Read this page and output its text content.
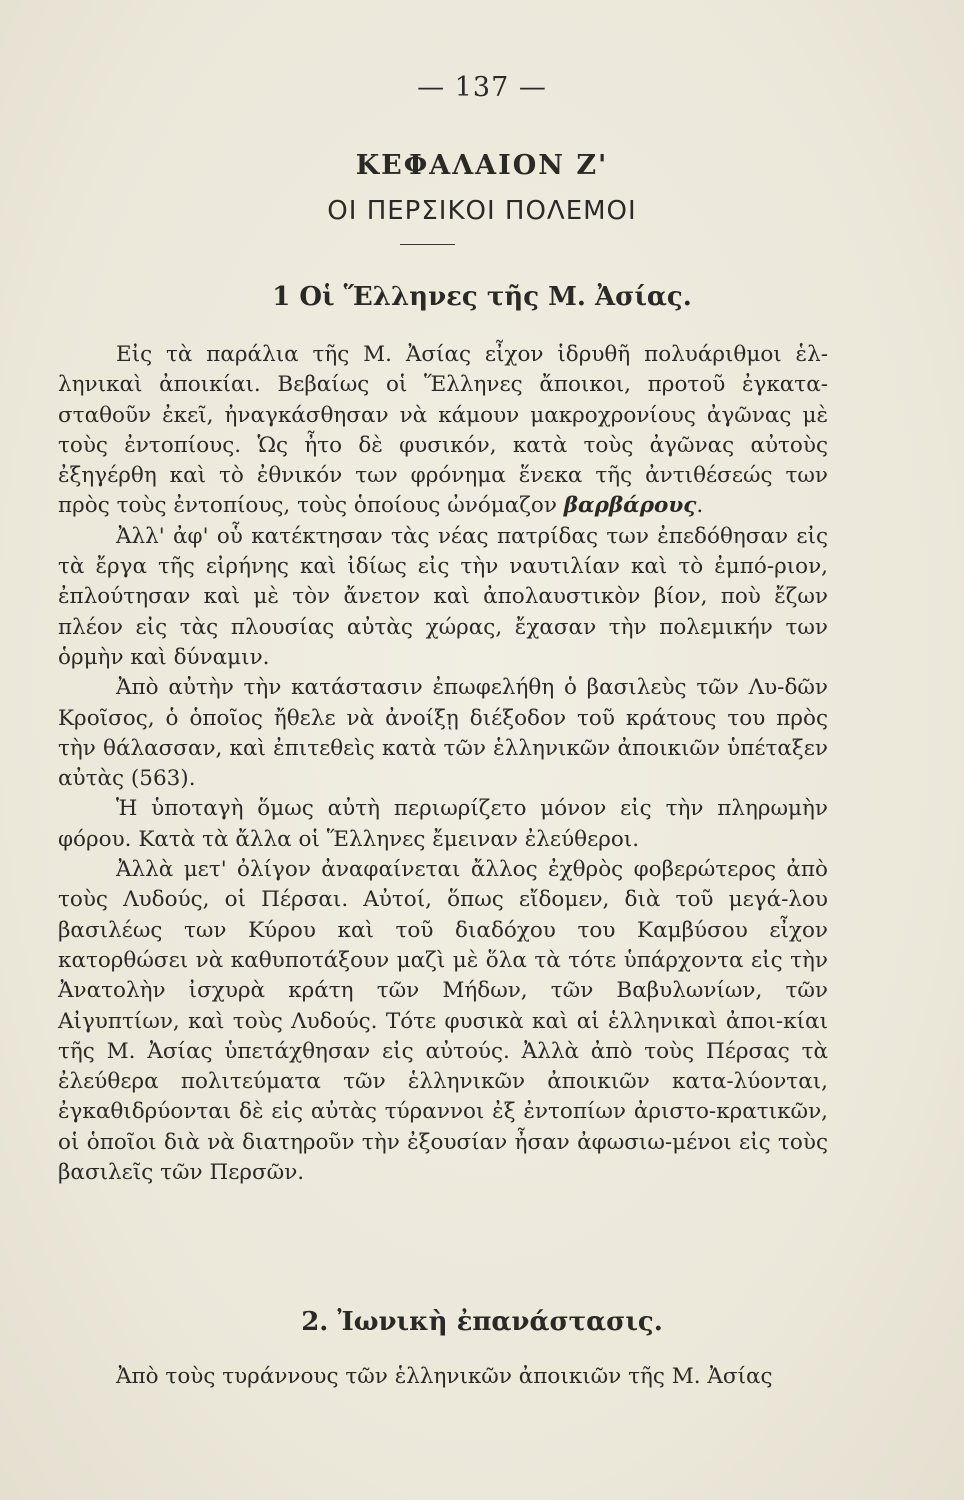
— 137 —
ΚΕΦΑΛΑΙΟΝ Ζ'
ΟΙ ΠΕΡΣΙΚΟΙ ΠΟΛΕΜΟΙ
1 Οἱ Ἕλληνες τῆς Μ. Ἀσίας.

Εἰς τὰ παράλια τῆς Μ. Ἀσίας εἶχον ἱδρυθῆ πολυάριθμοι ἑλ-ληνικαὶ ἀποικίαι. Βεβαίως οἱ Ἕλληνες ἄποικοι, προτοῦ ἐγκατα-σταθοῦν ἐκεῖ, ἠναγκάσθησαν νὰ κάμουν μακροχρονίους ἀγῶνας μὲ τοὺς ἐντοπίους. Ὡς ἦτο δὲ φυσικόν, κατὰ τοὺς ἀγῶνας αὐτοὺς ἐξηγέρθη καὶ τὸ ἐθνικόν των φρόνημα ἕνεκα τῆς ἀντιθέσεώς των πρὸς τοὺς ἐντοπίους, τοὺς ὁποίους ὠνόμαζον βαρβάρους.

Ἀλλ' ἀφ' οὗ κατέκτησαν τὰς νέας πατρίδας των ἐπεδόθησαν εἰς τὰ ἔργα τῆς εἰρήνης καὶ ἰδίως εἰς τὴν ναυτιλίαν καὶ τὸ ἐμπό-ριον, ἐπλούτησαν καὶ μὲ τὸν ἄνετον καὶ ἀπολαυστικὸν βίον, ποὺ ἔζων πλέον εἰς τὰς πλουσίας αὐτὰς χώρας, ἔχασαν τὴν πολεμικήν των ὁρμὴν καὶ δύναμιν.

Ἀπὸ αὐτὴν τὴν κατάστασιν ἐπωφελήθη ὁ βασιλεὺς τῶν Λυ-δῶν Κροῖσος, ὁ ὁποῖος ἤθελε νὰ ἀνοίξῃ διέξοδον τοῦ κράτους του πρὸς τὴν θάλασσαν, καὶ ἐπιτεθεὶς κατὰ τῶν ἑλληνικῶν ἀποικιῶν ὑπέταξεν αὐτὰς (563).

Ἡ ὑποταγὴ ὅμως αὐτὴ περιωρίζετο μόνον εἰς τὴν πληρωμὴν φόρου. Κατὰ τὰ ἄλλα οἱ Ἕλληνες ἔμειναν ἐλεύθεροι.

Ἀλλὰ μετ' ὀλίγον ἀναφαίνεται ἄλλος ἐχθρὸς φοβερώτερος ἀπὸ τοὺς Λυδούς, οἱ Πέρσαι. Αὐτοί, ὅπως εἴδομεν, διὰ τοῦ μεγά-λου βασιλέως των Κύρου καὶ τοῦ διαδόχου του Καμβύσου εἶχον κατορθώσει νὰ καθυποτάξουν μαζὶ μὲ ὅλα τὰ τότε ὑπάρχοντα εἰς τὴν Ἀνατολὴν ἰσχυρὰ κράτη τῶν Μήδων, τῶν Βαβυλωνίων, τῶν Αἰγυπτίων, καὶ τοὺς Λυδούς. Τότε φυσικὰ καὶ αἱ ἑλληνικαὶ ἀποι-κίαι τῆς Μ. Ἀσίας ὑπετάχθησαν εἰς αὐτούς. Ἀλλὰ ἀπὸ τοὺς Πέρσας τὰ ἐλεύθερα πολιτεύματα τῶν ἑλληνικῶν ἀποικιῶν κατα-λύονται, ἐγκαθιδρύονται δὲ εἰς αὐτὰς τύραννοι ἐξ ἐντοπίων ἀριστο-κρατικῶν, οἱ ὁποῖοι διὰ νὰ διατηροῦν τὴν ἐξουσίαν ἦσαν ἀφωσιω-μένοι εἰς τοὺς βασιλεῖς τῶν Περσῶν.

2. Ἰωνικὴ ἐπανάστασις.

Ἀπὸ τοὺς τυράννους τῶν ἑλληνικῶν ἀποικιῶν τῆς Μ. Ἀσίας
